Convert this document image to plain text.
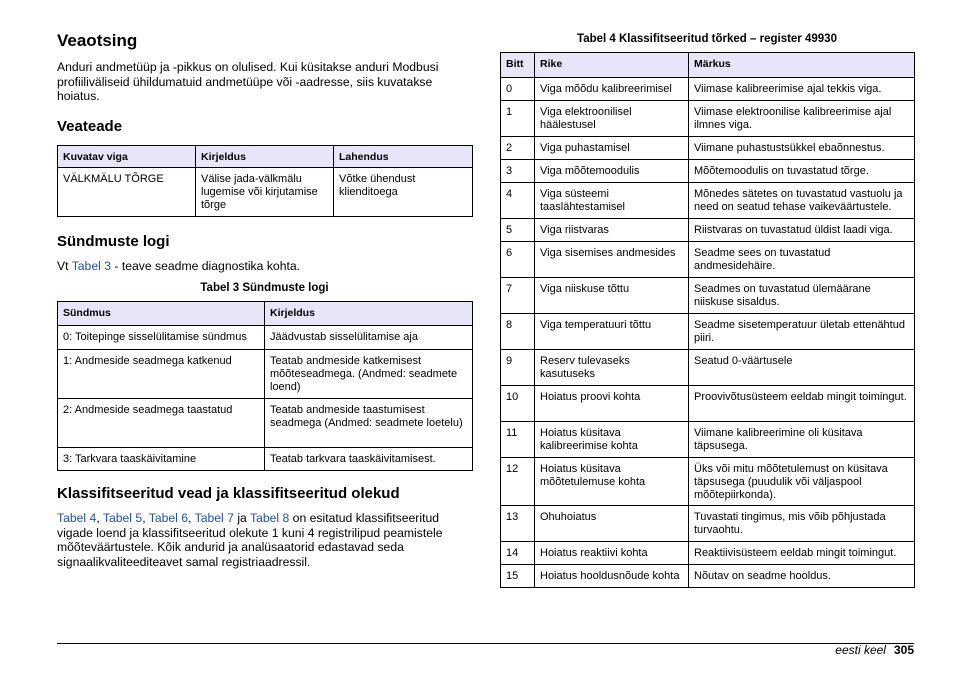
Veaotsing

Anduri andmetüüp ja -pikkus on olulised. Kui küsitakse anduri Modbusi profiiliväliseid ühildumatuid andmetüüpe või -aadresse, siis kuvatakse hoiatus.

Veateade
Kuvatav viga	Kirjeldus	Lahendus
VÄLKMÄLU TÕRGE	Välise jada-välkmälu lugemise või kirjutamise tõrge	Võtke ühendust klienditoega
Sündmuste logi

Vt Tabel 3 - teave seadme diagnostika kohta.

Tabel 3 Sündmuste logi

Sündmus	Kirjeldus
0: Toitepinge sisselülitamise sündmus	Jäädvustab sisselülitamise aja
1: Andmeside seadmega katkenud	Teatab andmeside katkemisest mõõteseadmega. (Andmed: seadmete loend)
2: Andmeside seadmega taastatud	Teatab andmeside taastumisest seadmega (Andmed: seadmete loetelu)
3: Tarkvara taaskäivitamine	Teatab tarkvara taaskäivitamisest.
Klassifitseeritud vead ja klassifitseeritud olekud

Tabel 4, Tabel 5, Tabel 6, Tabel 7 ja Tabel 8 on esitatud klassifitseeritud vigade loend ja klassifitseeritud olekute 1 kuni 4 registrilipud peamistele mõõteväärtustele. Kõik andurid ja analüsaatorid edastavad seda signaalikvaliteediteavet samal registriaadressil.

Tabel 4 Klassifitseeritud tõrked – register 49930

Bitt	Rike	Märkus
0	Viga mõõdu kalibreerimisel	Viimase kalibreerimise ajal tekkis viga.
1	Viga elektroonilisel häälestusel	Viimase elektroonilise kalibreerimise ajal ilmnes viga.
2	Viga puhastamisel	Viimane puhastustsükkel ebaõnnestus.
3	Viga mõõtemoodulis	Mõõtemoodulis on tuvastatud tõrge.
4	Viga süsteemi taaslähtestamisel	Mõnedes sätetes on tuvastatud vastuolu ja need on seatud tehase vaikeväärtustele.
5	Viga riistvaras	Riistvaras on tuvastatud üldist laadi viga.
6	Viga sisemises andmesides	Seadme sees on tuvastatud andmesidehäire.
7	Viga niiskuse tõttu	Seadmes on tuvastatud ülemäärane niiskuse sisaldus.
8	Viga temperatuuri tõttu	Seadme sisetemperatuur ületab ettenähtud piiri.
9	Reserv tulevaseks kasutuseks	Seatud 0-väärtusele
10	Hoiatus proovi kohta	Proovivõtusüsteem eeldab mingit toimingut.
11	Hoiatus küsitava kalibreerimise kohta	Viimane kalibreerimine oli küsitava täpsusega.
12	Hoiatus küsitava mõõtetulemuse kohta	Üks või mitu mõõtetulemust on küsitava täpsusega (puudulik või väljaspool mõõtepiirkonda).
13	Ohuhoiatus	Tuvastati tingimus, mis võib põhjustada turvaohtu.
14	Hoiatus reaktiivi kohta	Reaktiivisüsteem eeldab mingit toimingut.
15	Hoiatus hooldusnõude kohta	Nõutav on seadme hooldus.
eesti keel 305
